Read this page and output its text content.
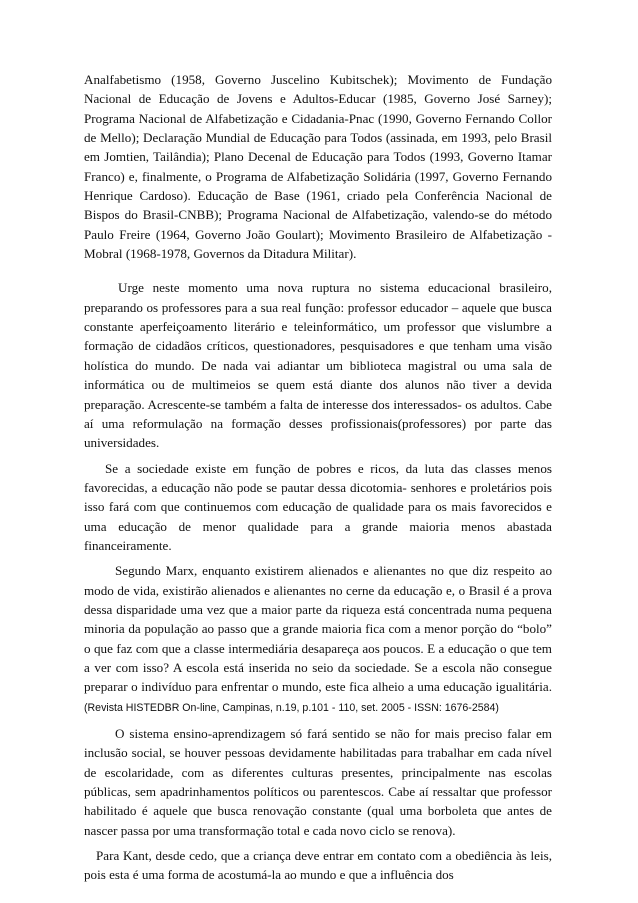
Analfabetismo (1958, Governo Juscelino Kubitschek); Movimento de Fundação Nacional de Educação de Jovens e Adultos-Educar (1985, Governo José Sarney); Programa Nacional de Alfabetização e Cidadania-Pnac (1990, Governo Fernando Collor de Mello); Declaração Mundial de Educação para Todos (assinada, em 1993, pelo Brasil em Jomtien, Tailândia); Plano Decenal de Educação para Todos (1993, Governo Itamar Franco) e, finalmente, o Programa de Alfabetização Solidária (1997, Governo Fernando Henrique Cardoso). Educação de Base (1961, criado pela Conferência Nacional de Bispos do Brasil-CNBB); Programa Nacional de Alfabetização, valendo-se do método Paulo Freire (1964, Governo João Goulart); Movimento Brasileiro de Alfabetização - Mobral (1968-1978, Governos da Ditadura Militar).

Urge neste momento uma nova ruptura no sistema educacional brasileiro, preparando os professores para a sua real função: professor educador – aquele que busca constante aperfeiçoamento literário e teleinformático, um professor que vislumbre a formação de cidadãos críticos, questionadores, pesquisadores e que tenham uma visão holística do mundo. De nada vai adiantar um biblioteca magistral ou uma sala de informática ou de multimeios se quem está diante dos alunos não tiver a devida preparação. Acrescente-se também a falta de interesse dos interessados- os adultos. Cabe aí uma reformulação na formação desses profissionais(professores) por parte das universidades.

Se a sociedade existe em função de pobres e ricos, da luta das classes menos favorecidas, a educação não pode se pautar dessa dicotomia- senhores e proletários pois isso fará com que continuemos com educação de qualidade para os mais favorecidos e uma educação de menor qualidade para a grande maioria menos abastada financeiramente.

Segundo Marx, enquanto existirem alienados e alienantes no que diz respeito ao modo de vida, existirão alienados e alienantes no cerne da educação e, o Brasil é a prova dessa disparidade uma vez que a maior parte da riqueza está concentrada numa pequena minoria da população ao passo que a grande maioria fica com a menor porção do “bolo” o que faz com que a classe intermediária desapareça aos poucos. E a educação o que tem a ver com isso? A escola está inserida no seio da sociedade. Se a escola não consegue preparar o indivíduo para enfrentar o mundo, este fica alheio a uma educação igualitária.(Revista HISTEDBR On-line, Campinas, n.19, p.101 - 110, set. 2005 - ISSN: 1676-2584)

O sistema ensino-aprendizagem só fará sentido se não for mais preciso falar em inclusão social, se houver pessoas devidamente habilitadas para trabalhar em cada nível de escolaridade, com as diferentes culturas presentes, principalmente nas escolas públicas, sem apadrinhamentos políticos ou parentescos. Cabe aí ressaltar que professor habilitado é aquele que busca renovação constante (qual uma borboleta que antes de nascer passa por uma transformação total e cada novo ciclo se renova).

Para Kant, desde cedo, que a criança deve entrar em contato com a obediência às leis, pois esta é uma forma de acostumá-la ao mundo e que a influência dos
